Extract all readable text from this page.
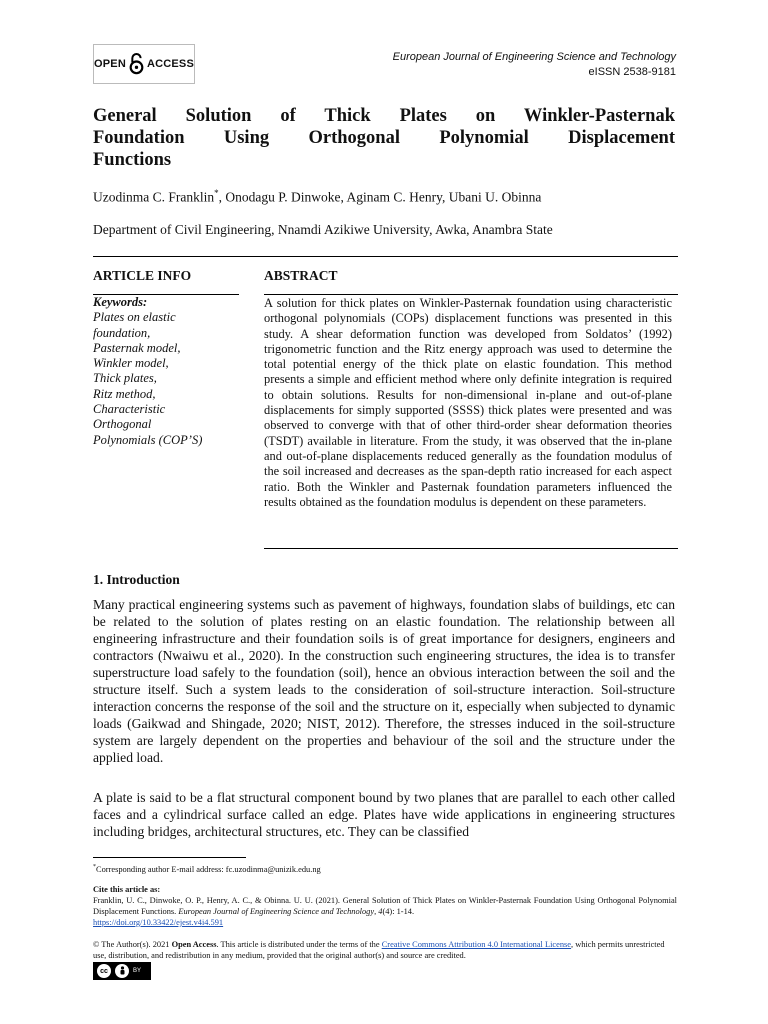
OPEN ACCESS
European Journal of Engineering Science and Technology
eISSN 2538-9181
General Solution of Thick Plates on Winkler-Pasternak
Foundation Using Orthogonal Polynomial Displacement
Functions
Uzodinma C. Franklin*, Onodagu P. Dinwoke, Aginam C. Henry, Ubani U. Obinna
Department of Civil Engineering, Nnamdi Azikiwe University, Awka, Anambra State
ARTICLE INFO	ABSTRACT
Keywords:
Plates on elastic
foundation,
Pasternak model,
Winkler model,
Thick plates,
Ritz method,
Characteristic
Orthogonal
Polynomials (COP’S)
A solution for thick plates on Winkler-Pasternak foundation using characteristic orthogonal polynomials (COPs) displacement functions was presented in this study. A shear deformation function was developed from Soldatos’ (1992) trigonometric function and the Ritz energy approach was used to determine the total potential energy of the thick plate on elastic foundation. This method presents a simple and efficient method where only definite integration is required to obtain solutions. Results for non-dimensional in-plane and out-of-plane displacements for simply supported (SSSS) thick plates were presented and was observed to converge with that of other third-order shear deformation theories (TSDT) available in literature. From the study, it was observed that the in-plane and out-of-plane displacements reduced generally as the foundation modulus of the soil increased and decreases as the span-depth ratio increased for each aspect ratio. Both the Winkler and Pasternak foundation parameters influenced the results obtained as the foundation modulus is dependent on these parameters.
1. Introduction
Many practical engineering systems such as pavement of highways, foundation slabs of buildings, etc can be related to the solution of plates resting on an elastic foundation. The relationship between all engineering infrastructure and their foundation soils is of great importance for designers, engineers and contractors (Nwaiwu et al., 2020). In the construction such engineering structures, the idea is to transfer superstructure load safely to the foundation (soil), hence an obvious interaction between the soil and the structure itself. Such a system leads to the consideration of soil-structure interaction. Soil-structure interaction concerns the response of the soil and the structure on it, especially when subjected to dynamic loads (Gaikwad and Shingade, 2020; NIST, 2012). Therefore, the stresses induced in the soil-structure system are largely dependent on the properties and behaviour of the soil and the structure under the applied load.
A plate is said to be a flat structural component bound by two planes that are parallel to each other called faces and a cylindrical surface called an edge. Plates have wide applications in engineering structures including bridges, architectural structures, etc. They can be classified
*Corresponding author E-mail address: fc.uzodinma@unizik.edu.ng
Cite this article as:
Franklin, U. C., Dinwoke, O. P., Henry, A. C., & Obinna. U. U. (2021). General Solution of Thick Plates on Winkler-Pasternak Foundation Using Orthogonal Polynomial Displacement Functions. European Journal of Engineering Science and Technology, 4(4): 1-14.
https://doi.org/10.33422/ejest.v4i4.591
© The Author(s). 2021 Open Access. This article is distributed under the terms of the Creative Commons Attribution 4.0 International License, which permits unrestricted use, distribution, and redistribution in any medium, provided that the original author(s) and source are credited.
cc	BY
